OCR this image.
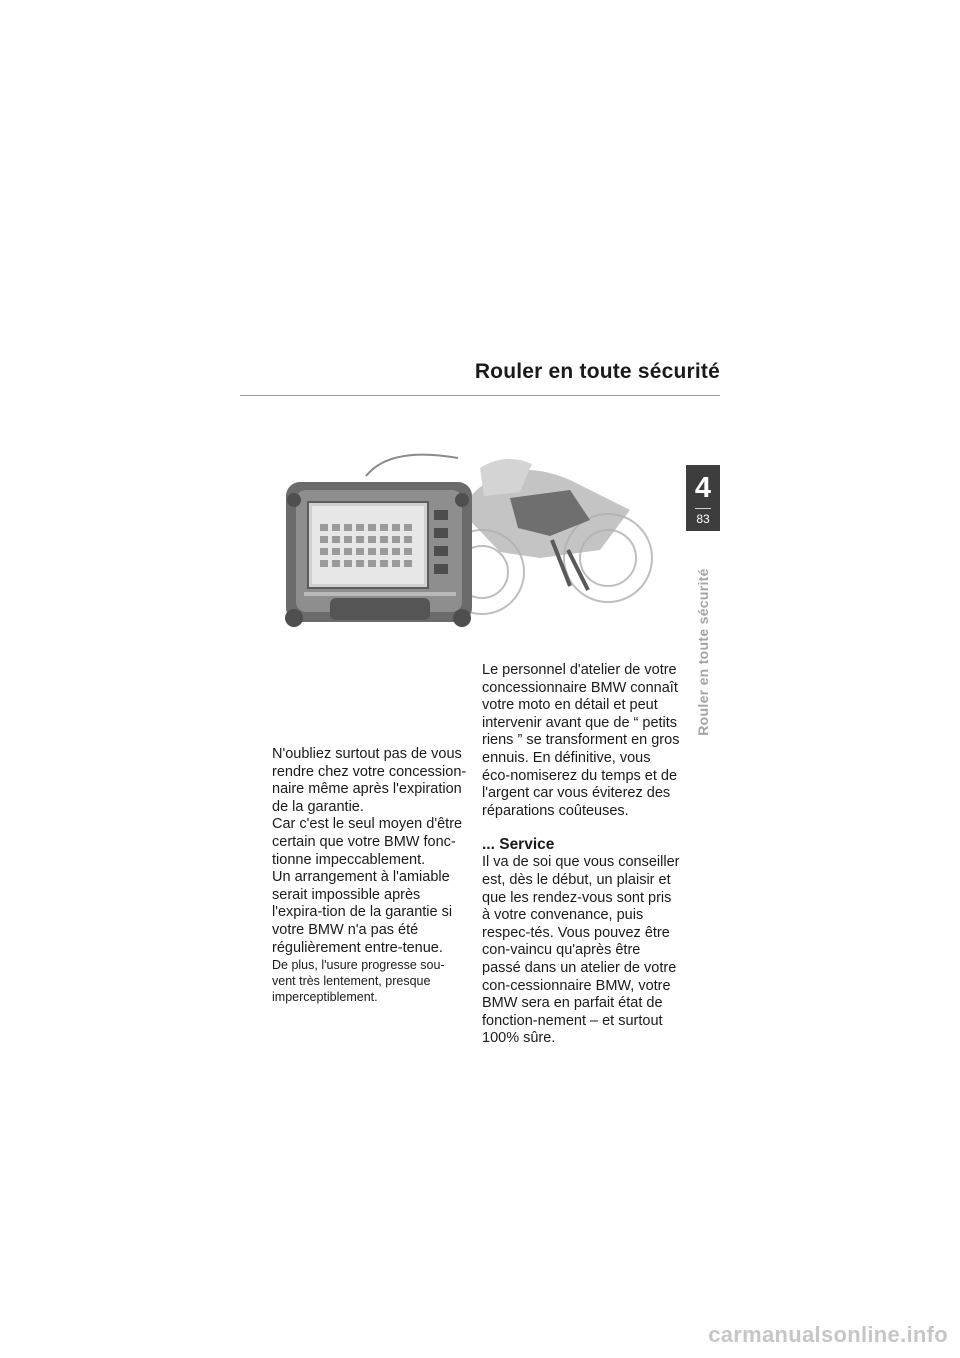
Rouler en toute sécurité
4
83
Rouler en toute sécurité

N'oubliez surtout pas de vous rendre chez votre concession-naire même après l'expiration de la garantie.

Car c'est le seul moyen d'être certain que votre BMW fonc-tionne impeccablement.

Un arrangement à l'amiable serait impossible après l'expira-tion de la garantie si votre BMW n'a pas été régulièrement entre-tenue.

De plus, l'usure progresse sou-vent très lentement, presque imperceptiblement.

Le personnel d'atelier de votre concessionnaire BMW connaît votre moto en détail et peut intervenir avant que de “ petits riens ” se transforment en gros ennuis. En définitive, vous éco-nomiserez du temps et de l'argent car vous éviterez des réparations coûteuses.

... Service

Il va de soi que vous conseiller est, dès le début, un plaisir et que les rendez-vous sont pris à votre convenance, puis respec-tés. Vous pouvez être con-vaincu qu'après être passé dans un atelier de votre con-cessionnaire BMW, votre BMW sera en parfait état de fonction-nement – et surtout 100% sûre.

carmanualsonline.info
